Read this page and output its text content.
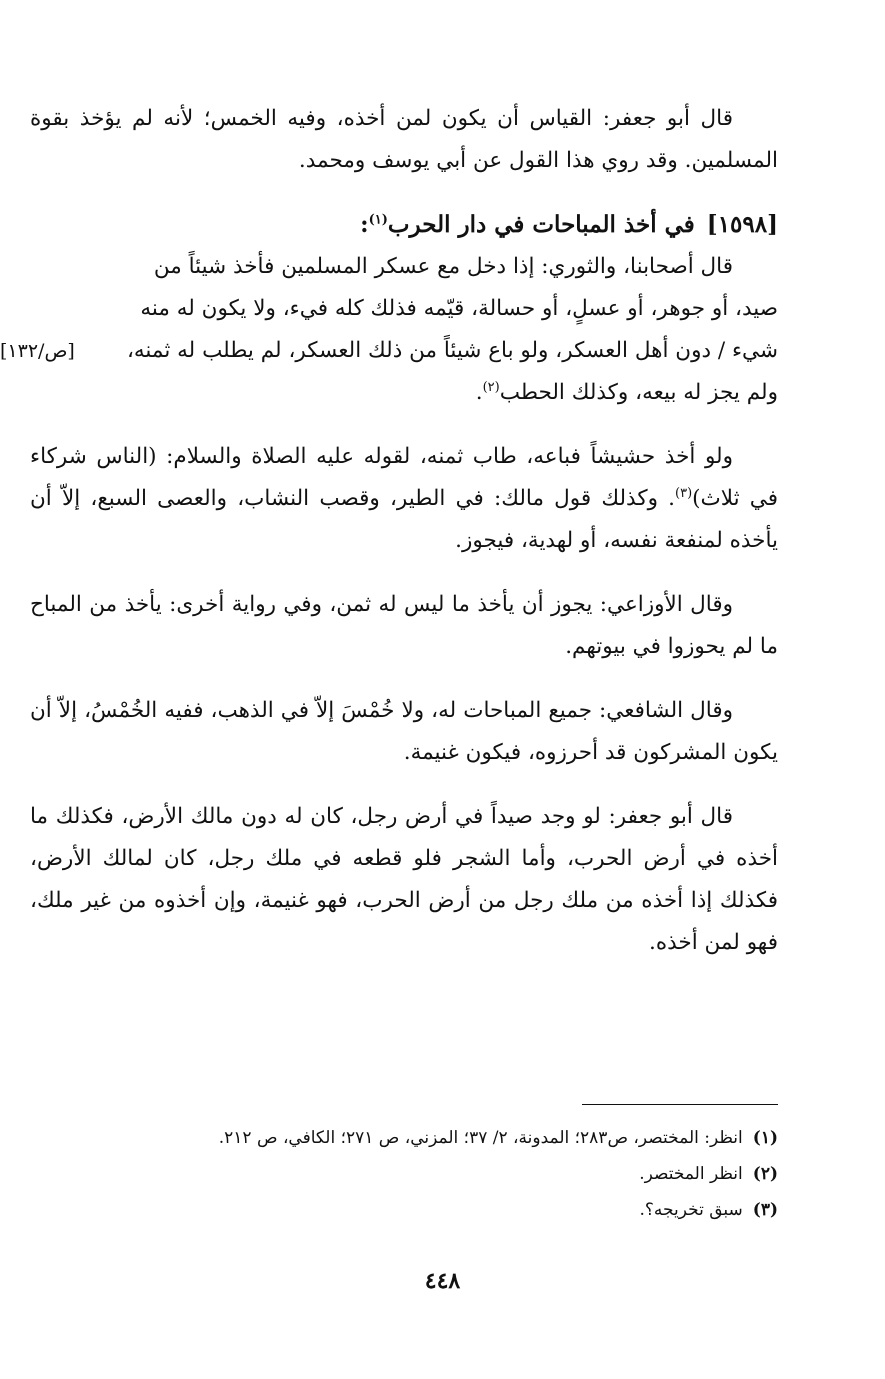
قال أبو جعفر: القياس أن يكون لمن أخذه، وفيه الخمس؛ لأنه لم يؤخذ بقوة المسلمين. وقد روي هذا القول عن أبي يوسف ومحمد.

[١٥٩٨]في أخذ المباحات في دار الحرب$^{(١)}$:

قال أصحابنا، والثوري: إذا دخل مع عسكر المسلمين فأخذ شيئاً من
صيد، أو جوهر، أو عسلٍ، أو حسالة، قيّمه فذلك كله فيء، ولا يكون له منه
شيء / دون أهل العسكر، ولو باع شيئاً من ذلك العسكر، لم يطلب له ثمنه،
[ص/١٣٢]
ولم يجز له بيعه، وكذلك الحطب$^{(٢)}$.

ولو أخذ حشيشاً فباعه، طاب ثمنه، لقوله عليه الصلاة والسلام: (الناس شركاء في ثلاث)$^{(٣)}$. وكذلك قول مالك: في الطير، وقصب النشاب، والعصى السبع، إلاّ أن يأخذه لمنفعة نفسه، أو لهدية، فيجوز.

وقال الأوزاعي: يجوز أن يأخذ ما ليس له ثمن، وفي رواية أخرى: يأخذ من المباح ما لم يحوزوا في بيوتهم.

وقال الشافعي: جميع المباحات له، ولا خُمْسَ إلاّ في الذهب، ففيه الخُمْسُ، إلاّ أن يكون المشركون قد أحرزوه، فيكون غنيمة.

قال أبو جعفر: لو وجد صيداً في أرض رجل، كان له دون مالك الأرض، فكذلك ما أخذه في أرض الحرب، وأما الشجر فلو قطعه في ملك رجل، كان لمالك الأرض، فكذلك إذا أخذه من ملك رجل من أرض الحرب، فهو غنيمة، وإن أخذوه من غير ملك، فهو لمن أخذه.

(١)انظر: المختصر، ص٢٨٣؛ المدونة، ٢/ ٣٧؛ المزني، ص ٢٧١؛ الكافي، ص ٢١٢.
(٢)انظر المختصر.
(٣)سبق تخريجه؟.
٤٤٨
